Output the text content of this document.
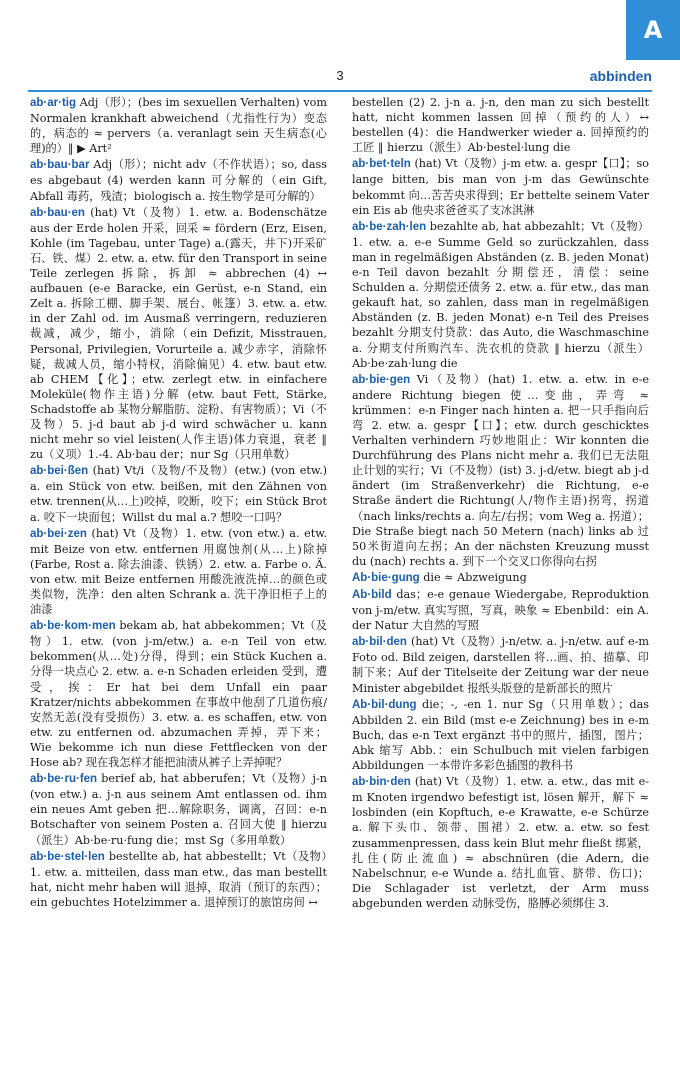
A
3	abbinden

ab·ar·tig Adj（形）；(bes im sexuellen Verhalten) vom Normalen krankhaft abweichend（尤指性行为）变态的，病态的 ≈ pervers（a. veranlagt sein 天生病态(心理)的）‖ ▶ Art²

ab·bau·bar Adj（形）；nicht adv（不作状语）；so, dass es abgebaut (4) werden kann 可分解的（ein Gift, Abfall 毒药，残渣；biologisch a. 按生物学是可分解的）

ab·bau·en (hat) Vt（及物）1. etw. a. Bodenschätze aus der Erde holen 开采，回采 ≈ fördern (Erz, Eisen, Kohle (im Tagebau, unter Tage) a.(露天，井下)开采矿石、铁、煤）2. etw. a. etw. für den Transport in seine Teile zerlegen 拆除，拆卸 ≈ abbrechen (4) ↔ aufbauen (e-e Baracke, ein Gerüst, e-n Stand, ein Zelt a. 拆除工棚、脚手架、展台、帐篷）3. etw. a. etw. in der Zahl od. im Ausmaß verringern, reduzieren 裁减，减少，缩小，消除（ein Defizit, Misstrauen, Personal, Privilegien, Vorurteile a. 减少赤字，消除怀疑，裁减人员，缩小特权，消除偏见）4. etw. baut etw. ab CHEM【化】；etw. zerlegt etw. in einfachere Moleküle(物作主语)分解 (etw. baut Fett, Stärke, Schadstoffe ab 某物分解脂肪、淀粉、有害物质）；Vi（不及物）5. j-d baut ab j-d wird schwächer u. kann nicht mehr so viel leisten(人作主语)体力衰退，衰老 ‖ zu（义项）1.-4. Ab·bau der；nur Sg（只用单数）

ab·bei·ßen (hat) Vt/i（及物/不及物）(etw.) (von etw.) a. ein Stück von etw. beißen, mit den Zähnen von etw. trennen(从…上)咬掉，咬断，咬下；ein Stück Brot a. 咬下一块面包；Willst du mal a.? 想咬一口吗？

ab·bei·zen (hat) Vt（及物）1. etw. (von etw.) a. etw. mit Beize von etw. entfernen 用腐蚀剂(从…上)除掉 (Farbe, Rost a. 除去油漆、铁锈）2. etw. a. Farbe o. Ä. von etw. mit Beize entfernen 用酸洗液洗掉…的颜色或类似物，洗净：den alten Schrank a. 洗干净旧柜子上的油漆

ab·be·kom·men bekam ab, hat abbekommen；Vt（及物）1. etw. (von j-m/etw.) a. e-n Teil von etw. bekommen(从…处)分得，得到；ein Stück Kuchen a. 分得一块点心 2. etw. a. e-n Schaden erleiden 受到，遭受，挨：Er hat bei dem Unfall ein paar Kratzer/nichts abbekommen 在事故中他刮了几道伤痕/安然无恙(没有受损伤）3. etw. a. es schaffen, etw. von etw. zu entfernen od. abzumachen 弄掉，弄下来；Wie bekomme ich nun diese Fettflecken von der Hose ab? 现在我怎样才能把油渍从裤子上弄掉呢？

ab·be·ru·fen berief ab, hat abberufen；Vt（及物）j-n (von etw.) a. j-n aus seinem Amt entlassen od. ihm ein neues Amt geben 把…解除职务，调离，召回：e-n Botschafter von seinem Posten a. 召回大使 ‖ hierzu（派生）Ab·be·ru·fung die；mst Sg（多用单数）

ab·be·stel·len bestellte ab, hat abbestellt；Vt（及物）1. etw. a. mitteilen, dass man etw., das man bestellt hat, nicht mehr haben will 退掉，取消（预订的东西）；ein gebuchtes Hotelzimmer a. 退掉预订的旅馆房间 ↔

bestellen (2) 2. j-n a. j-n, den man zu sich bestellt hatt, nicht kommen lassen 回掉（预约的人）↔ bestellen (4)：die Handwerker wieder a. 回掉预约的工匠 ‖ hierzu（派生）Ab·bestel·lung die

ab·bet·teln (hat) Vt（及物）j-m etw. a. gespr【口】；so lange bitten, bis man von j-m das Gewünschte bekommt 向…苦苦央求得到；Er bettelte seinem Vater ein Eis ab 他央求爸爸买了支冰淇淋

ab·be·zah·len bezahlte ab, hat abbezahlt；Vt（及物）1. etw. a. e-e Summe Geld so zurückzahlen, dass man in regelmäßigen Abständen (z. B. jeden Monat) e-n Teil davon bezahlt 分期偿还，清偿：seine Schulden a. 分期偿还债务 2. etw. a. für etw., das man gekauft hat, so zahlen, dass man in regelmäßigen Abständen (z. B. jeden Monat) e-n Teil des Preises bezahlt 分期支付贷款：das Auto, die Waschmaschine a. 分期支付所购汽车、洗衣机的贷款 ‖ hierzu（派生）Ab·be·zah·lung die

ab·bie·gen Vi（及物）(hat) 1. etw. a. etw. in e-e andere Richtung biegen 使…变曲，弄弯 ≈ krümmen：e-n Finger nach hinten a. 把一只手指向后弯 2. etw. a. gespr【口】；etw. durch geschicktes Verhalten verhindern 巧妙地阻止：Wir konnten die Durchführung des Plans nicht mehr a. 我们已无法阻止计划的实行；Vi（不及物）(ist) 3. j-d/etw. biegt ab j-d ändert (im Straßenverkehr) die Richtung, e-e Straße ändert die Richtung(人/物作主语)拐弯，拐道（nach links/rechts a. 向左/右拐；vom Weg a. 拐道）；Die Straße biegt nach 50 Metern (nach) links ab 过50米街道向左拐；An der nächsten Kreuzung musst du (nach) rechts a. 到下一个交叉口你得向右拐

Ab·bie·gung die ≈ Abzweigung

Ab·bild das；e-e genaue Wiedergabe, Reproduktion von j-m/etw. 真实写照，写真，映象 ≈ Ebenbild：ein A. der Natur 大自然的写照

ab·bil·den (hat) Vt（及物）j-n/etw. a. j-n/etw. auf e-m Foto od. Bild zeigen, darstellen 将…画、拍、描摹、印制下来；Auf der Titelseite der Zeitung war der neue Minister abgebildet 报纸头版登的是新部长的照片

Ab·bil·dung die；-, -en 1. nur Sg（只用单数）；das Abbilden 2. ein Bild (mst e-e Zeichnung) bes in e-m Buch, das e-n Text ergänzt 书中的照片，插图，图片；Abk 缩写 Abb.：ein Schulbuch mit vielen farbigen Abbildungen 一本带许多彩色插图的教科书

ab·bin·den (hat) Vt（及物）1. etw. a. etw., das mit e-m Knoten irgendwo befestigt ist, lösen 解开，解下 ≈ losbinden (ein Kopftuch, e-e Krawatte, e-e Schürze a. 解下头巾、领带、围裙）2. etw. a. etw. so fest zusammenpressen, dass kein Blut mehr fließt 绑紧，扎住(防止流血) ≈ abschnüren (die Adern, die Nabelschnur, e-e Wunde a. 结扎血管、脐带、伤口)；Die Schlagader ist verletzt, der Arm muss abgebunden werden 动脉受伤，胳膊必须绑住 3.
